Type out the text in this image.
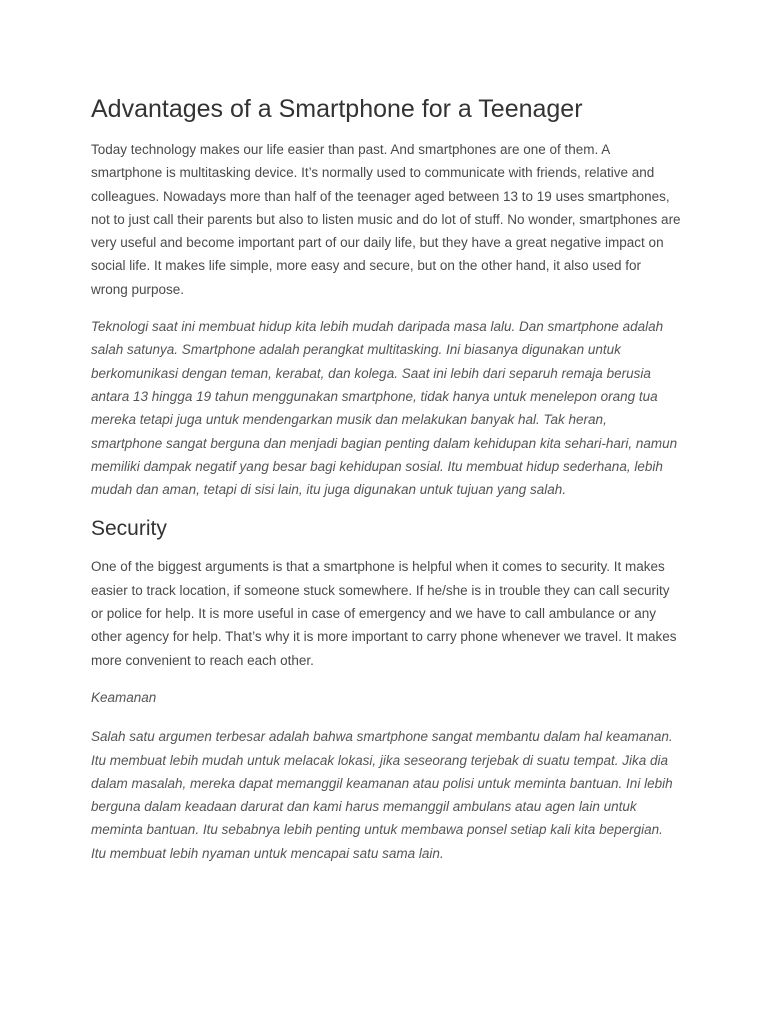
Advantages of a Smartphone for a Teenager

Today technology makes our life easier than past. And smartphones are one of them. A smartphone is multitasking device. It’s normally used to communicate with friends, relative and colleagues. Nowadays more than half of the teenager aged between 13 to 19 uses smartphones, not to just call their parents but also to listen music and do lot of stuff. No wonder, smartphones are very useful and become important part of our daily life, but they have a great negative impact on social life. It makes life simple, more easy and secure, but on the other hand, it also used for wrong purpose.

Teknologi saat ini membuat hidup kita lebih mudah daripada masa lalu. Dan smartphone adalah salah satunya. Smartphone adalah perangkat multitasking. Ini biasanya digunakan untuk berkomunikasi dengan teman, kerabat, dan kolega. Saat ini lebih dari separuh remaja berusia antara 13 hingga 19 tahun menggunakan smartphone, tidak hanya untuk menelepon orang tua mereka tetapi juga untuk mendengarkan musik dan melakukan banyak hal. Tak heran, smartphone sangat berguna dan menjadi bagian penting dalam kehidupan kita sehari-hari, namun memiliki dampak negatif yang besar bagi kehidupan sosial. Itu membuat hidup sederhana, lebih mudah dan aman, tetapi di sisi lain, itu juga digunakan untuk tujuan yang salah.

Security

One of the biggest arguments is that a smartphone is helpful when it comes to security. It makes easier to track location, if someone stuck somewhere. If he/she is in trouble they can call security or police for help. It is more useful in case of emergency and we have to call ambulance or any other agency for help. That’s why it is more important to carry phone whenever we travel. It makes more convenient to reach each other.

Keamanan

Salah satu argumen terbesar adalah bahwa smartphone sangat membantu dalam hal keamanan. Itu membuat lebih mudah untuk melacak lokasi, jika seseorang terjebak di suatu tempat. Jika dia dalam masalah, mereka dapat memanggil keamanan atau polisi untuk meminta bantuan. Ini lebih berguna dalam keadaan darurat dan kami harus memanggil ambulans atau agen lain untuk meminta bantuan. Itu sebabnya lebih penting untuk membawa ponsel setiap kali kita bepergian. Itu membuat lebih nyaman untuk mencapai satu sama lain.
